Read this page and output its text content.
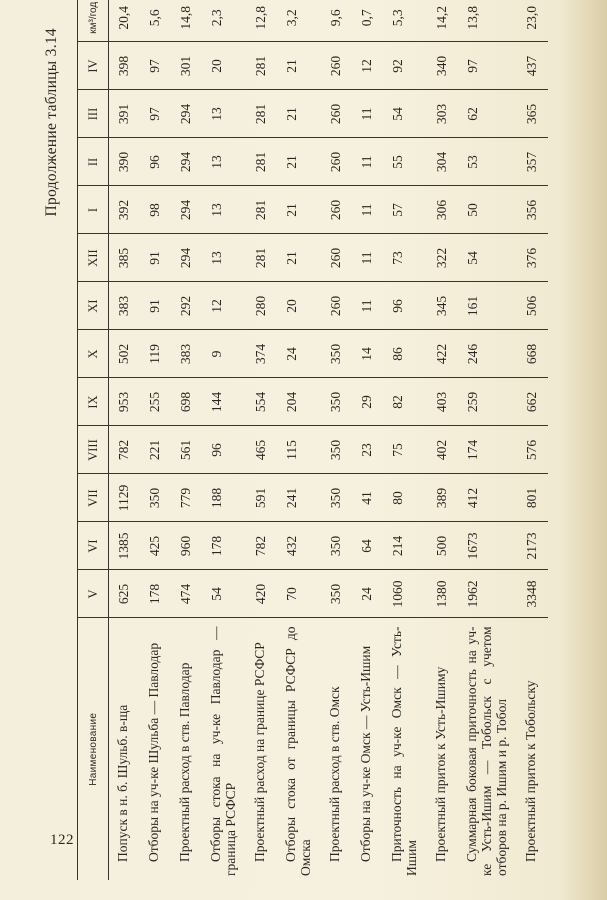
122
Продолжение таблицы 3.14
Наименование	V	VI	VII	VIII	IX	X	XI	XII	I	II	III	IV	км³/год
Попуск в н. б. Шульб. в-ща	625	1385	1129	782	953	502	383	385	392	390	391	398	20,4
Отборы на уч-ке Шульба — Павлодар	178	425	350	221	255	119	91	91	98	96	97	97	5,6
Проектный расход в ств. Павлодар	474	960	779	561	698	383	292	294	294	294	294	301	14,8
Отборы стока на уч-ке Павлодар — граница РСФСР	54	178	188	96	144	9	12	13	13	13	13	20	2,3
Проектный расход на границе РСФСР	420	782	591	465	554	374	280	281	281	281	281	281	12,8
Отборы стока от границы РСФСР до Омска	70	432	241	115	204	24	20	21	21	21	21	21	3,2
Проектный расход в ств. Омск	350	350	350	350	350	350	260	260	260	260	260	260	9,6
Отборы на уч-ке Омск — Усть-Ишим	24	64	41	23	29	14	11	11	11	11	11	12	0,7
Приточность на уч-ке Омск — Усть-Ишим	1060	214	80	75	82	86	96	73	57	55	54	92	5,3
Проектный приток к Усть-Ишиму	1380	500	389	402	403	422	345	322	306	304	303	340	14,2
Суммарная боковая приточность на уч-ке Усть-Ишим — Тобольск с учетом отборов на р. Ишим и р. Тобол	1962	1673	412	174	259	246	161	54	50	53	62	97	13,8
Проектный приток к Тобольску	3348	2173	801	576	662	668	506	376	356	357	365	437	23,0
